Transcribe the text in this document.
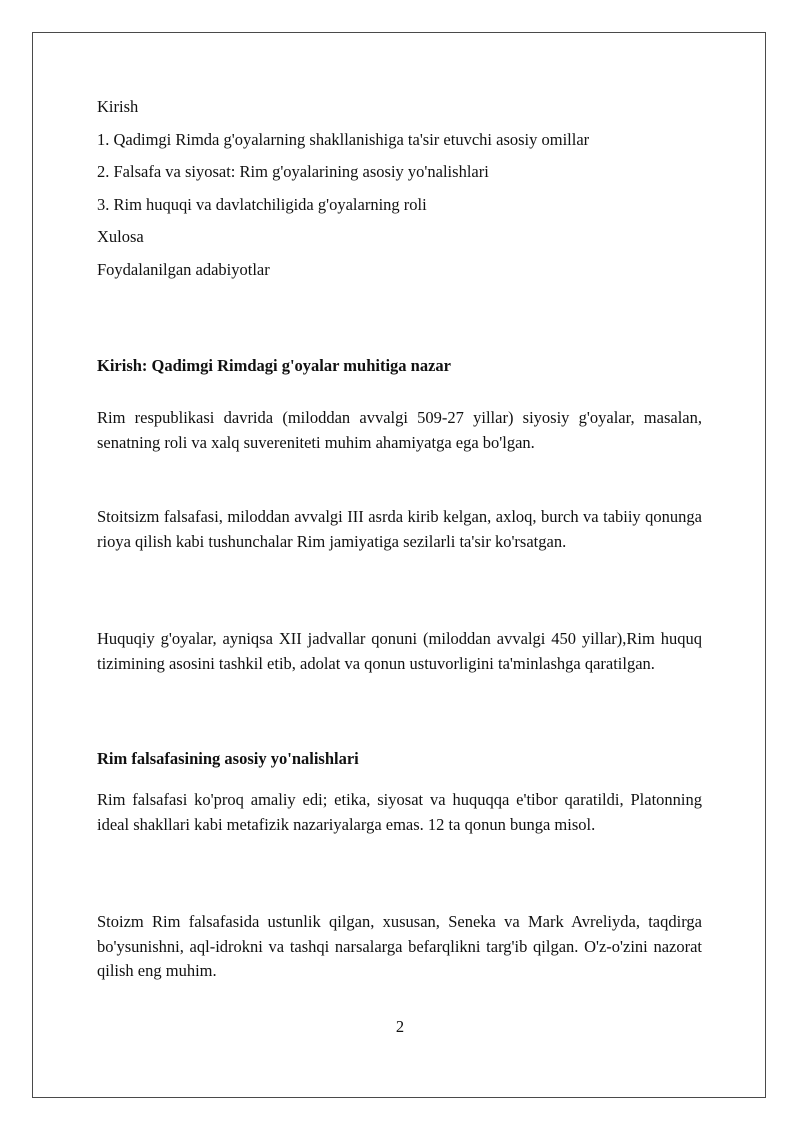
Kirish
1. Qadimgi Rimda g'oyalarning shakllanishiga ta'sir etuvchi asosiy omillar
2. Falsafa va siyosat: Rim g'oyalarining asosiy yo'nalishlari
3. Rim huquqi va davlatchiligida g'oyalarning roli
Xulosa
Foydalanilgan adabiyotlar
Kirish: Qadimgi Rimdagi g'oyalar muhitiga nazar

Rim respublikasi davrida (miloddan avvalgi 509-27 yillar) siyosiy g'oyalar, masalan, senatning roli va xalq suvereniteti muhim ahamiyatga ega bo'lgan.

Stoitsizm falsafasi, miloddan avvalgi III asrda kirib kelgan, axloq, burch va tabiiy qonunga rioya qilish kabi tushunchalar Rim jamiyatiga sezilarli ta'sir ko'rsatgan.

Huquqiy g'oyalar, ayniqsa XII jadvallar qonuni (miloddan avvalgi 450 yillar),Rim huquq tizimining asosini tashkil etib, adolat va qonun ustuvorligini ta'minlashga qaratilgan.

Rim falsafasining asosiy yo'nalishlari

Rim falsafasi ko'proq amaliy edi; etika, siyosat va huquqqa e'tibor qaratildi, Platonning ideal shakllari kabi metafizik nazariyalarga emas. 12 ta qonun bunga misol.

Stoizm Rim falsafasida ustunlik qilgan, xususan, Seneka va Mark Avreliyda, taqdirga bo'ysunishni, aql-idrokni va tashqi narsalarga befarqlikni targ'ib qilgan. O'z-o'zini nazorat qilish eng muhim.

2
